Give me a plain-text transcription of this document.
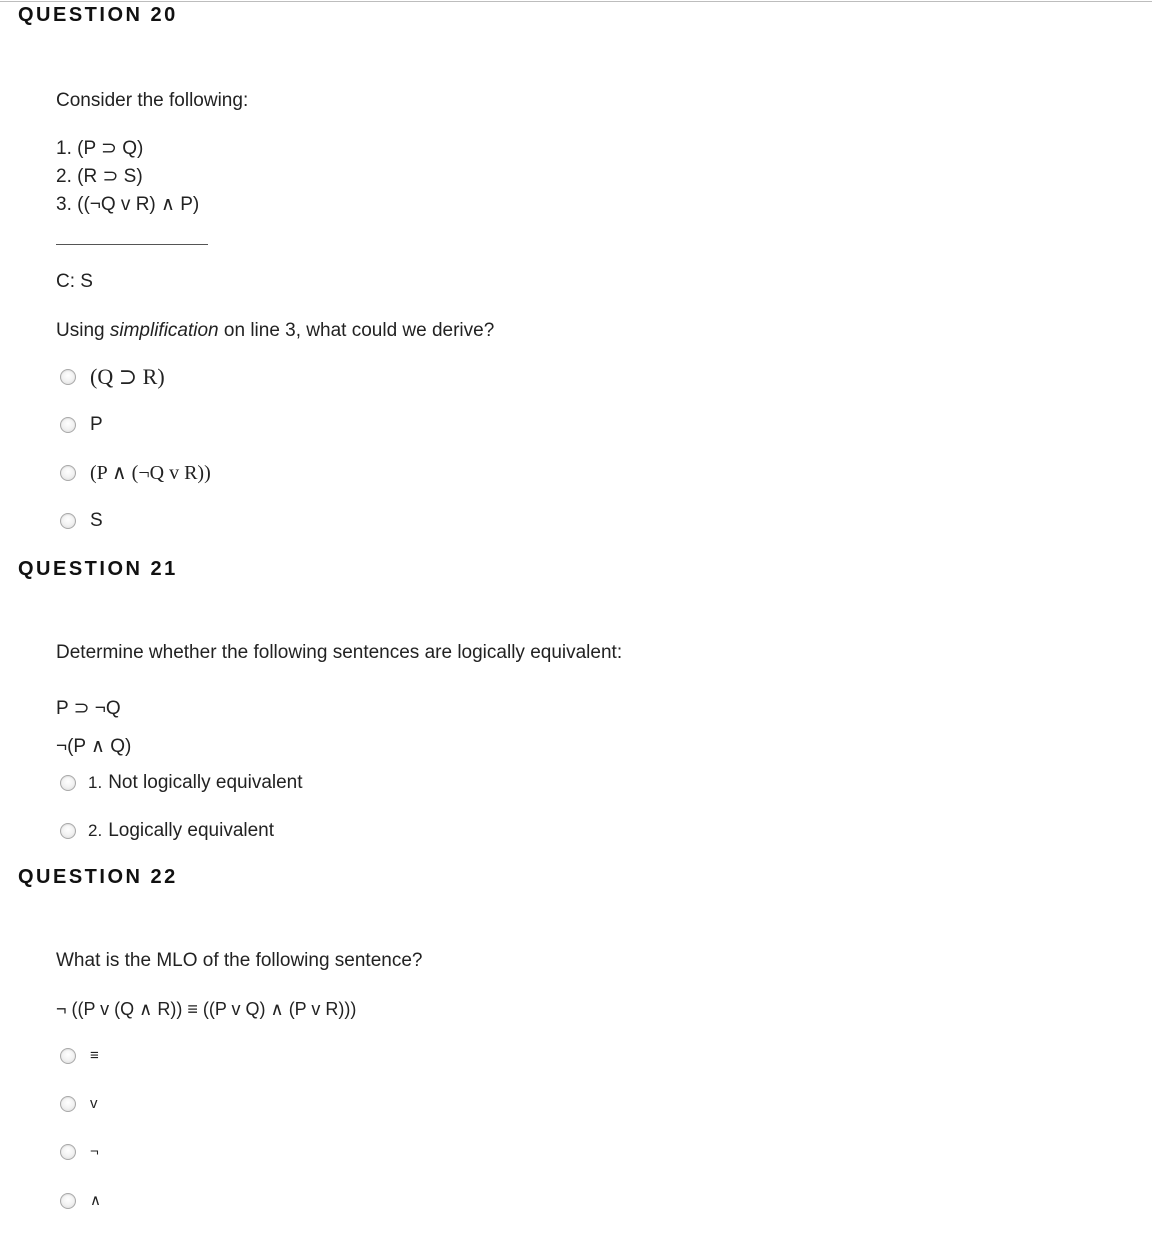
QUESTION 20
Consider the following:
1. (P ⊃ Q)
2. (R ⊃ S)
3. ((¬Q v R) ∧ P)
C: S
Using simplification on line 3, what could we derive?
(Q ⊃ R)
P
(P ∧ (¬Q v R))
S
QUESTION 21
Determine whether the following sentences are logically equivalent:
P ⊃ ¬Q
¬(P ∧ Q)
1. Not logically equivalent
2. Logically equivalent
QUESTION 22
What is the MLO of the following sentence?
¬ ((P v (Q ∧ R)) ≡ ((P v Q) ∧ (P v R)))
≡
v
¬
∧
